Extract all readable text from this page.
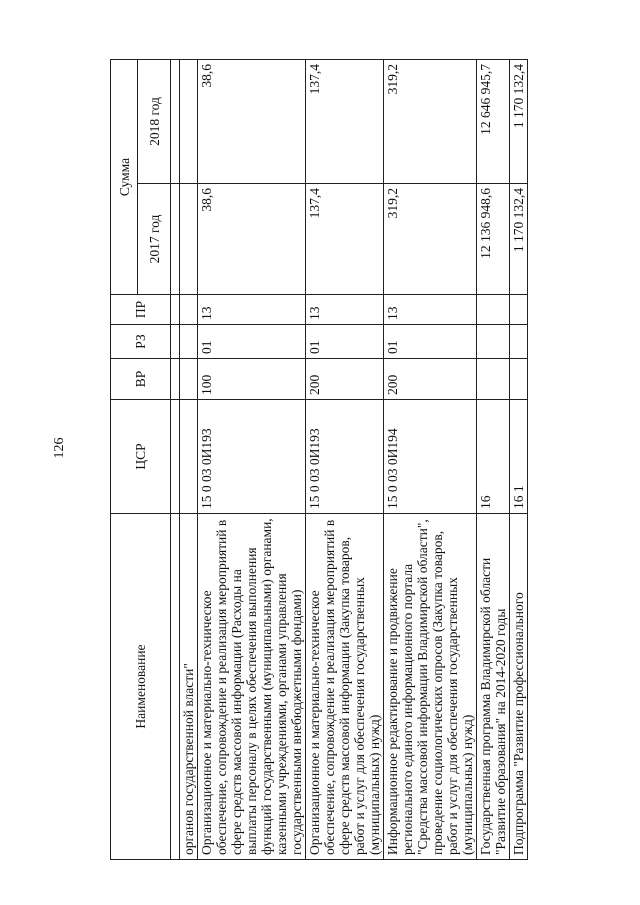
126
Наименование	ЦСР	ВР	РЗ	ПР	Сумма	
					2017 год	2018 год

органов государственной власти"						
Организационное и материально-техническое обеспечение, сопровождение и реализация мероприятий в сфере средств массовой информации (Расходы на выплаты персоналу в целях обеспечения выполнения функций государственными (муниципальными) органами, казенными учреждениями, органами управления государственными внебюджетными фондами)	15 0 03 0И193	100	01	13	38,6	38,6
Организационное и материально-техническое обеспечение, сопровождение и реализация мероприятий в сфере средств массовой информации (Закупка товаров, работ и услуг для обеспечения государственных (муниципальных) нужд)	15 0 03 0И193	200	01	13	137,4	137,4
Информационное редактирование и продвижение регионального единого информационного портала "Средства массовой информации Владимирской области", проведение социологических опросов (Закупка товаров, работ и услуг для обеспечения государственных (муниципальных) нужд)	15 0 03 0И194	200	01	13	319,2	319,2
Государственная программа Владимирской области "Развитие образования" на 2014-2020 годы	16				12 136 948,6	12 646 945,7
Подпрограмма "Развитие профессионального	16 1				1 170 132,4	1 170 132,4
